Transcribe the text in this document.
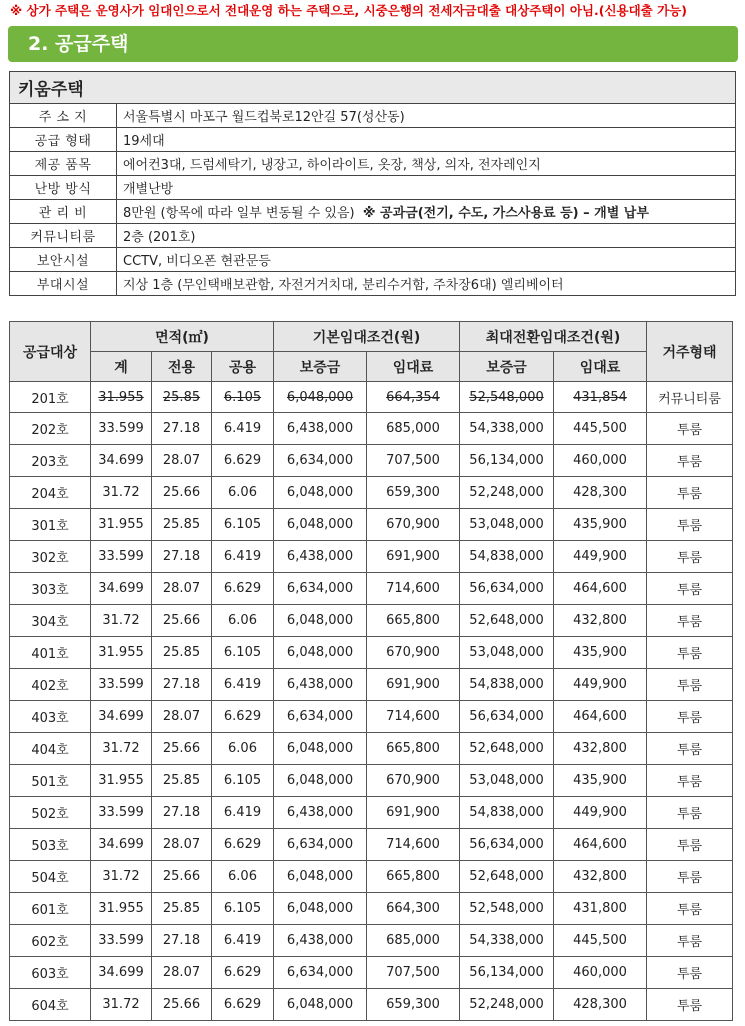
※ 상가 주택은 운영사가 임대인으로서 전대운영 하는 주택으로, 시중은행의 전세자금대출 대상주택이 아님.(신용대출 가능)
2. 공급주택
키움주택	
주 소 지	서울특별시 마포구 월드컵북로12안길 57(성산동)
공급 형태	19세대
제공 품목	에어컨3대, 드럼세탁기, 냉장고, 하이라이트, 옷장, 책상, 의자, 전자레인지
난방 방식	개별난방
관 리 비	8만원 (항목에 따라 일부 변동될 수 있음) ※ 공과금(전기, 수도, 가스사용료 등) – 개별 납부
커뮤니티룸	2층 (201호)
보안시설	CCTV, 비디오폰 현관문등
부대시설	지상 1층 (무인택배보관함, 자전거거치대, 분리수거함, 주차장6대) 엘리베이터
공급대상	면적(㎡)			기본임대조건(원)		최대전환임대조건(원)		거주형태
	계	전용	공용	보증금	임대료	보증금	임대료	
201호	31.955	25.85	6.105	6,048,000	664,354	52,548,000	431,854	커뮤니티룸
202호	33.599	27.18	6.419	6,438,000	685,000	54,338,000	445,500	투룸
203호	34.699	28.07	6.629	6,634,000	707,500	56,134,000	460,000	투룸
204호	31.72	25.66	6.06	6,048,000	659,300	52,248,000	428,300	투룸
301호	31.955	25.85	6.105	6,048,000	670,900	53,048,000	435,900	투룸
302호	33.599	27.18	6.419	6,438,000	691,900	54,838,000	449,900	투룸
303호	34.699	28.07	6.629	6,634,000	714,600	56,634,000	464,600	투룸
304호	31.72	25.66	6.06	6,048,000	665,800	52,648,000	432,800	투룸
401호	31.955	25.85	6.105	6,048,000	670,900	53,048,000	435,900	투룸
402호	33.599	27.18	6.419	6,438,000	691,900	54,838,000	449,900	투룸
403호	34.699	28.07	6.629	6,634,000	714,600	56,634,000	464,600	투룸
404호	31.72	25.66	6.06	6,048,000	665,800	52,648,000	432,800	투룸
501호	31.955	25.85	6.105	6,048,000	670,900	53,048,000	435,900	투룸
502호	33.599	27.18	6.419	6,438,000	691,900	54,838,000	449,900	투룸
503호	34.699	28.07	6.629	6,634,000	714,600	56,634,000	464,600	투룸
504호	31.72	25.66	6.06	6,048,000	665,800	52,648,000	432,800	투룸
601호	31.955	25.85	6.105	6,048,000	664,300	52,548,000	431,800	투룸
602호	33.599	27.18	6.419	6,438,000	685,000	54,338,000	445,500	투룸
603호	34.699	28.07	6.629	6,634,000	707,500	56,134,000	460,000	투룸
604호	31.72	25.66	6.629	6,048,000	659,300	52,248,000	428,300	투룸
